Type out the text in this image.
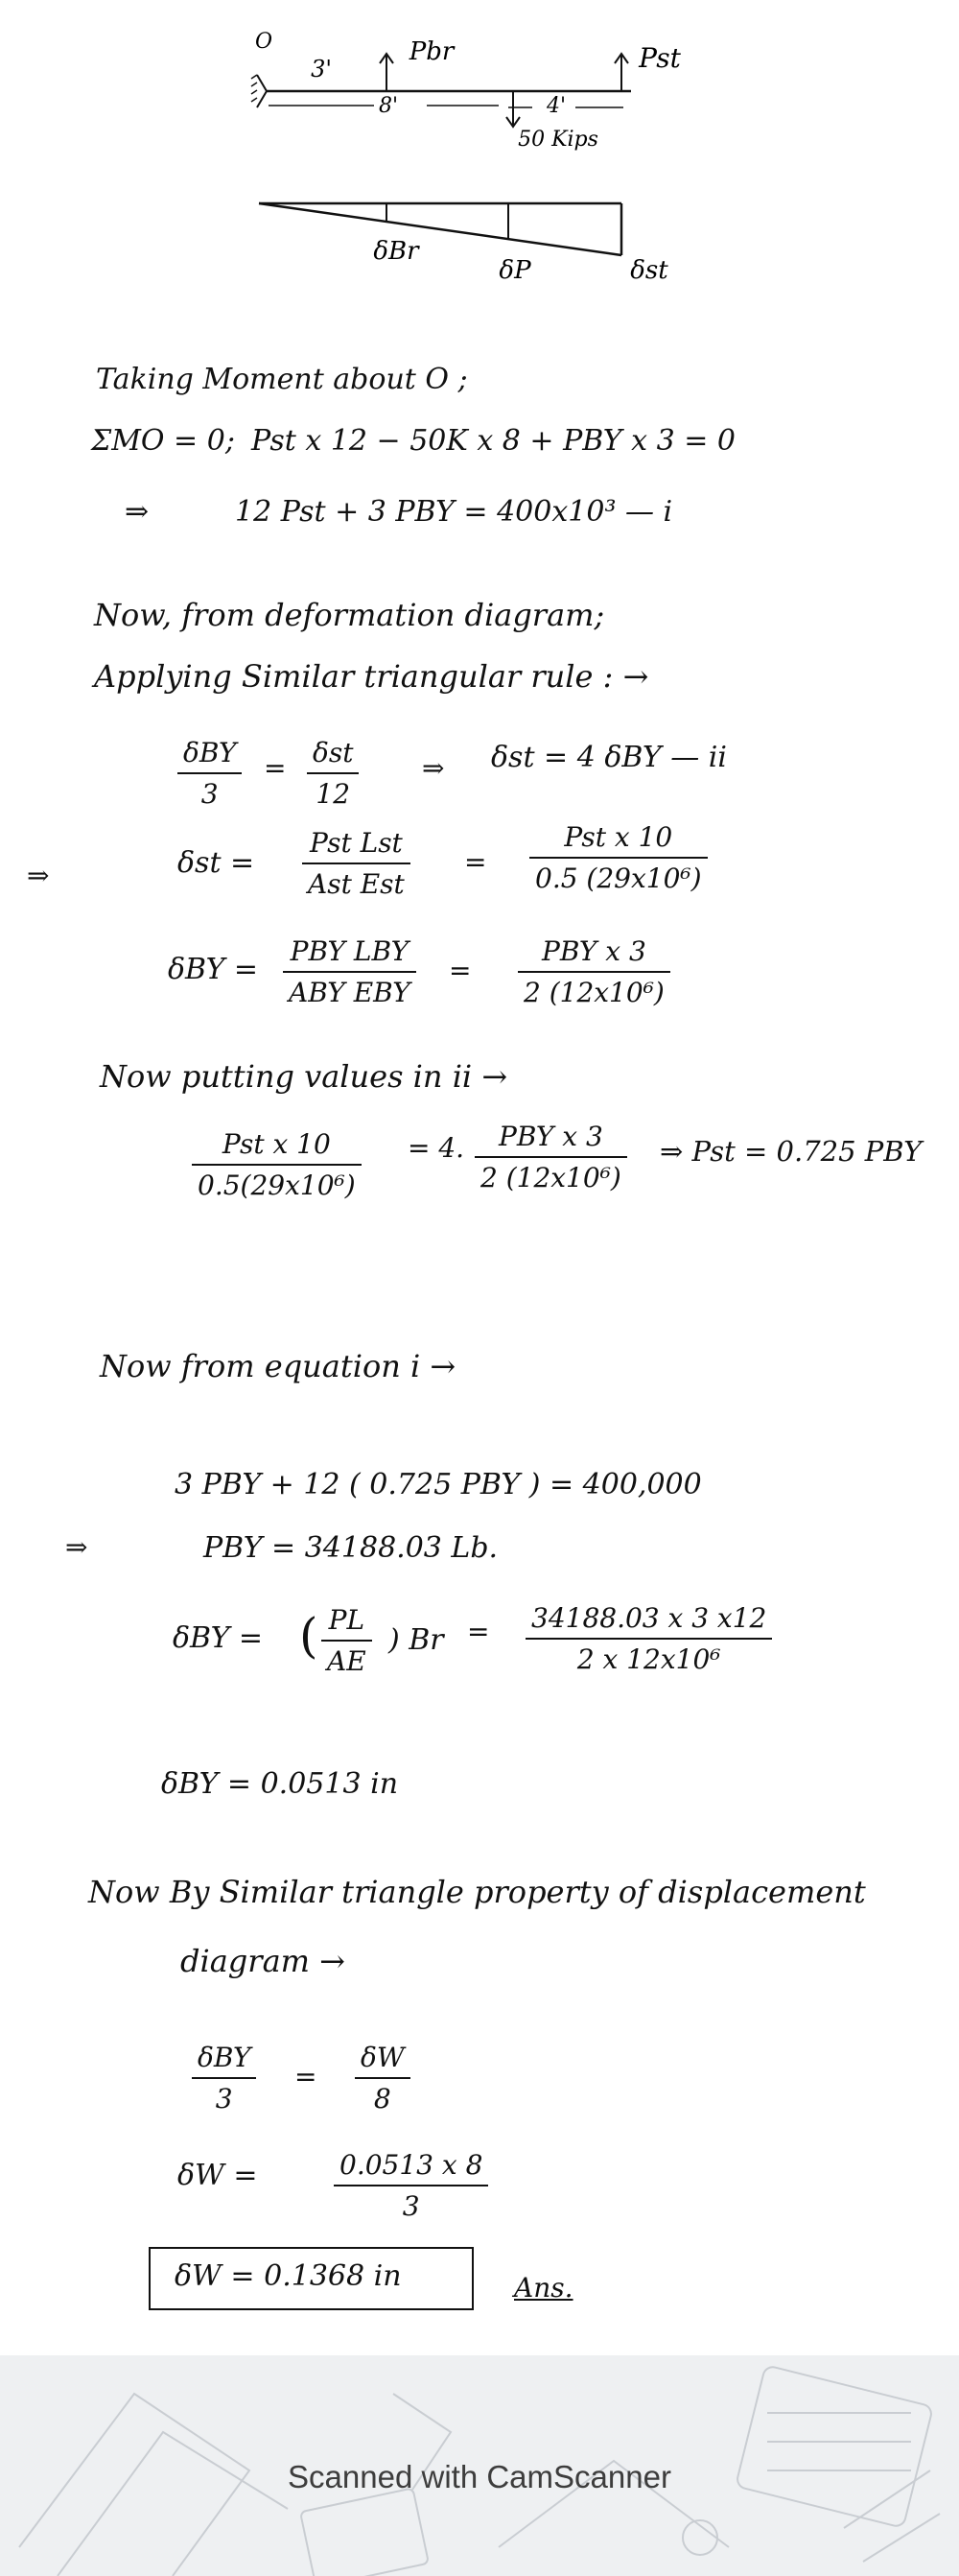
O
3'
Pbr
8'	4'
Pst
50 Kips
δBr
δP	δst
Taking Moment about O ;
ΣMO = 0; Pst x 12 − 50K x 8 + PBY x 3 = 0
⇒	12 Pst + 3 PBY = 400x10³ — i
Now, from deformation diagram;
Applying Similar triangular rule : →
δBY
3
= δst
12
⇒ δst = 4 δBY — ii
⇒	δst =
Pst Lst
Ast Est
=
Pst x 10
0.5 (29x10⁶)
δBY =
PBY LBY
ABY EBY
=
PBY x 3
2 (12x10⁶)
Now putting values in ii →
Pst x 10
0.5(29x10⁶)
= 4.	PBY x 3
2 (12x10⁶)
⇒ Pst = 0.725 PBY
Now from equation i →
3 PBY + 12 ( 0.725 PBY ) = 400,000
⇒	PBY = 34188.03 Lb.
δBY = ( PL
AE
) Br = 34188.03 x 3 x12
2 x 12x10⁶
δBY = 0.0513 in
Now By Similar triangle property of displacement
diagram →
δBY
3
=
δW
8
δW =	0.0513 x 8
3
δW = 0.1368 in	Ans.
Scanned with CamScanner
